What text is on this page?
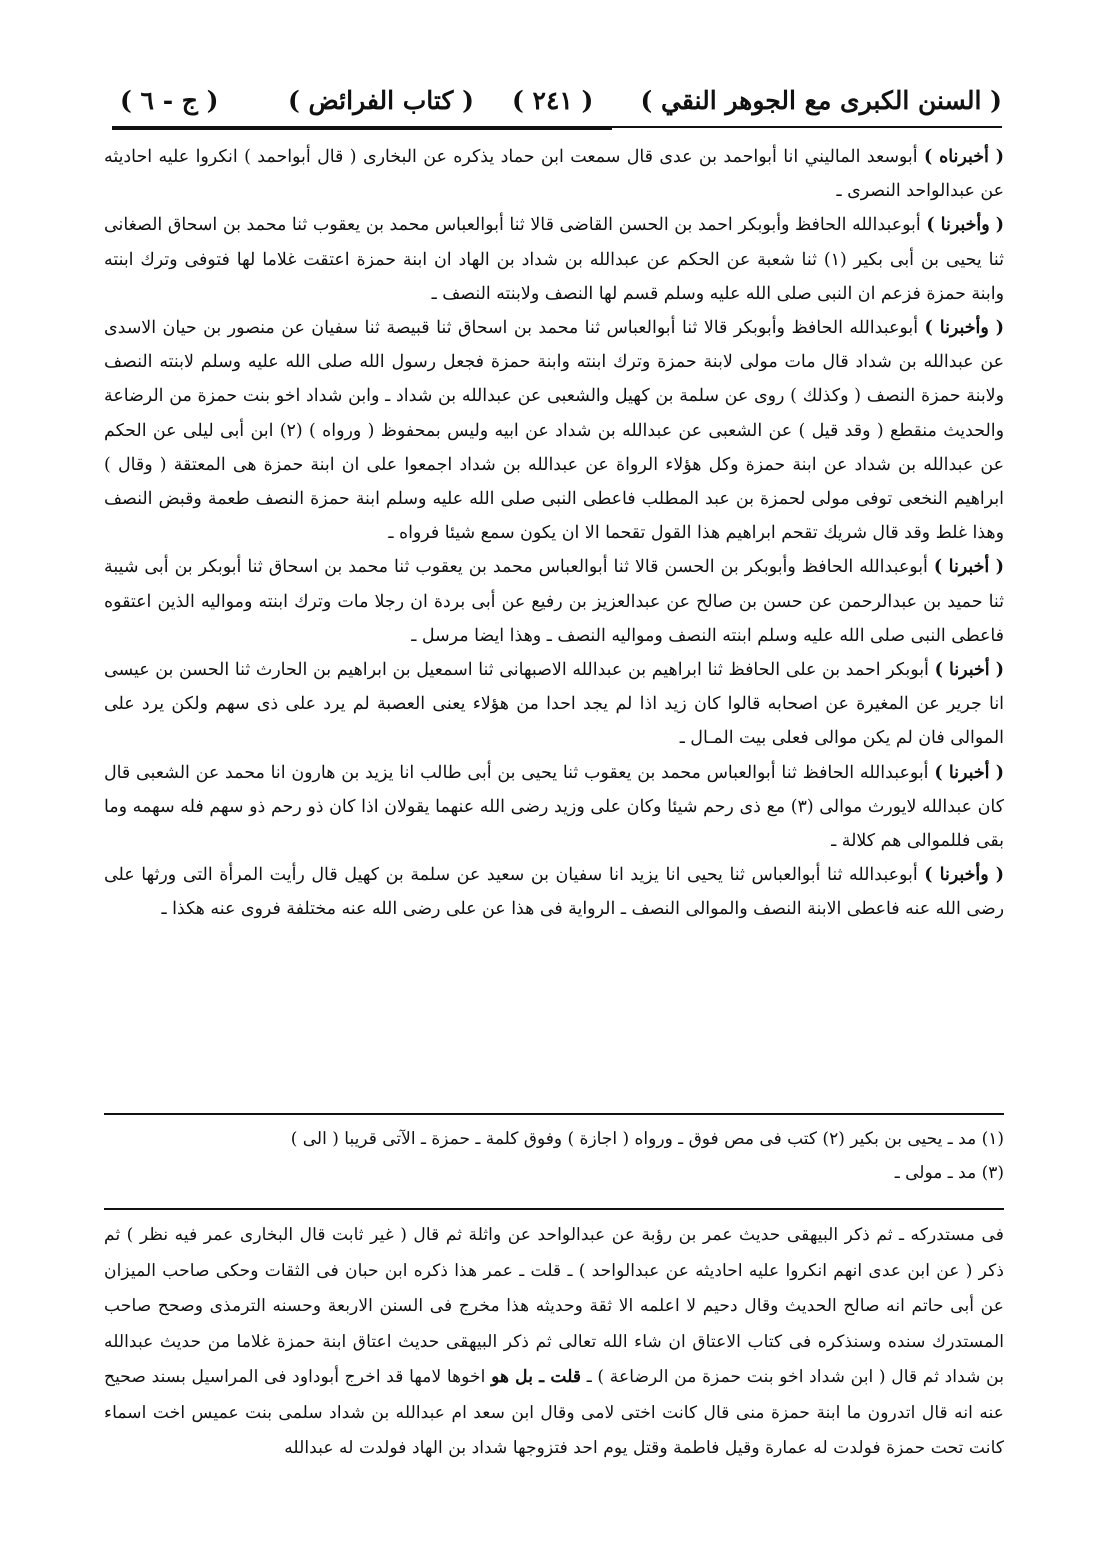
( السنن الكبرى مع الجوهر النقي )
( ٢٤١ )
( كتاب الفرائض )
( ج - ٦ )

( أخبرناه ) أبوسعد الماليني انا أبواحمد بن عدى قال سمعت ابن حماد يذكره عن البخارى ( قال أبواحمد ) انكروا عليه احاديثه عن عبدالواحد النصرى ـ

( وأخبرنا ) أبوعبدالله الحافظ وأبوبكر احمد بن الحسن القاضى قالا ثنا أبوالعباس محمد بن يعقوب ثنا محمد بن اسحاق الصغانى ثنا يحيى بن أبى بكير (١) ثنا شعبة عن الحكم عن عبدالله بن شداد بن الهاد ان ابنة حمزة اعتقت غلاما لها فتوفى وترك ابنته وابنة حمزة فزعم ان النبى صلى الله عليه وسلم قسم لها النصف ولابنته النصف ـ

( وأخبرنا ) أبوعبدالله الحافظ وأبوبكر قالا ثنا أبوالعباس ثنا محمد بن اسحاق ثنا قبيصة ثنا سفيان عن منصور بن حيان الاسدى عن عبدالله بن شداد قال مات مولى لابنة حمزة وترك ابنته وابنة حمزة فجعل رسول الله صلى الله عليه وسلم لابنته النصف ولابنة حمزة النصف ( وكذلك ) روى عن سلمة بن كهيل والشعبى عن عبدالله بن شداد ـ وابن شداد اخو بنت حمزة من الرضاعة والحديث منقطع ( وقد قيل ) عن الشعبى عن عبدالله بن شداد عن ابيه وليس بمحفوظ ( ورواه ) (٢) ابن أبى ليلى عن الحكم عن عبدالله بن شداد عن ابنة حمزة وكل هؤلاء الرواة عن عبدالله بن شداد اجمعوا على ان ابنة حمزة هى المعتقة ( وقال ) ابراهيم النخعى توفى مولى لحمزة بن عبد المطلب فاعطى النبى صلى الله عليه وسلم ابنة حمزة النصف طعمة وقبض النصف وهذا غلط وقد قال شريك تقحم ابراهيم هذا القول تقحما الا ان يكون سمع شيئا فرواه ـ

( أخبرنا ) أبوعبدالله الحافظ وأبوبكر بن الحسن قالا ثنا أبوالعباس محمد بن يعقوب ثنا محمد بن اسحاق ثنا أبوبكر بن أبى شيبة ثنا حميد بن عبدالرحمن عن حسن بن صالح عن عبدالعزيز بن رفيع عن أبى بردة ان رجلا مات وترك ابنته ومواليه الذين اعتقوه فاعطى النبى صلى الله عليه وسلم ابنته النصف ومواليه النصف ـ وهذا ايضا مرسل ـ

( أخبرنا ) أبوبكر احمد بن على الحافظ ثنا ابراهيم بن عبدالله الاصبهانى ثنا اسمعيل بن ابراهيم بن الحارث ثنا الحسن بن عيسى انا جرير عن المغيرة عن اصحابه قالوا كان زيد اذا لم يجد احدا من هؤلاء يعنى العصبة لم يرد على ذى سهم ولكن يرد على الموالى فان لم يكن موالى فعلى بيت المـال ـ

( أخبرنا ) أبوعبدالله الحافظ ثنا أبوالعباس محمد بن يعقوب ثنا يحيى بن أبى طالب انا يزيد بن هارون انا محمد عن الشعبى قال كان عبدالله لايورث موالى (٣) مع ذى رحم شيئا وكان على وزيد رضى الله عنهما يقولان اذا كان ذو رحم ذو سهم فله سهمه وما بقى فللموالى هم كلالة ـ

( وأخبرنا ) أبوعبدالله ثنا أبوالعباس ثنا يحيى انا يزيد انا سفيان بن سعيد عن سلمة بن كهيل قال رأيت المرأة التى ورثها على رضى الله عنه فاعطى الابنة النصف والموالى النصف ـ الرواية فى هذا عن على رضى الله عنه مختلفة فروى عنه هكذا ـ

(١) مد ـ يحيى بن بكير (٢) كتب فى مص فوق ـ ورواه ( اجازة ) وفوق كلمة ـ حمزة ـ الآتى قريبا ( الى )
(٣) مد ـ مولى ـ

فى مستدركه ـ ثم ذكر البيهقى حديث عمر بن رؤبة عن عبدالواحد عن واثلة ثم قال ( غير ثابت قال البخارى عمر فيه نظر ) ثم ذكر ( عن ابن عدى انهم انكروا عليه احاديثه عن عبدالواحد ) ـ قلت ـ عمر هذا ذكره ابن حبان فى الثقات وحكى صاحب الميزان عن أبى حاتم انه صالح الحديث وقال دحيم لا اعلمه الا ثقة وحديثه هذا مخرج فى السنن الاربعة وحسنه الترمذى وصحح صاحب المستدرك سنده وسنذكره فى كتاب الاعتاق ان شاء الله تعالى ثم ذكر البيهقى حديث اعتاق ابنة حمزة غلاما من حديث عبدالله بن شداد ثم قال ( ابن شداد اخو بنت حمزة من الرضاعة ) ـ قلت ـ بل هو اخوها لامها قد اخرج أبوداود فى المراسيل بسند صحيح عنه انه قال اتدرون ما ابنة حمزة منى قال كانت اختى لامى وقال ابن سعد ام عبدالله بن شداد سلمى بنت عميس اخت اسماء كانت تحت حمزة فولدت له عمارة وقيل فاطمة وقتل يوم احد فتزوجها شداد بن الهاد فولدت له عبدالله
